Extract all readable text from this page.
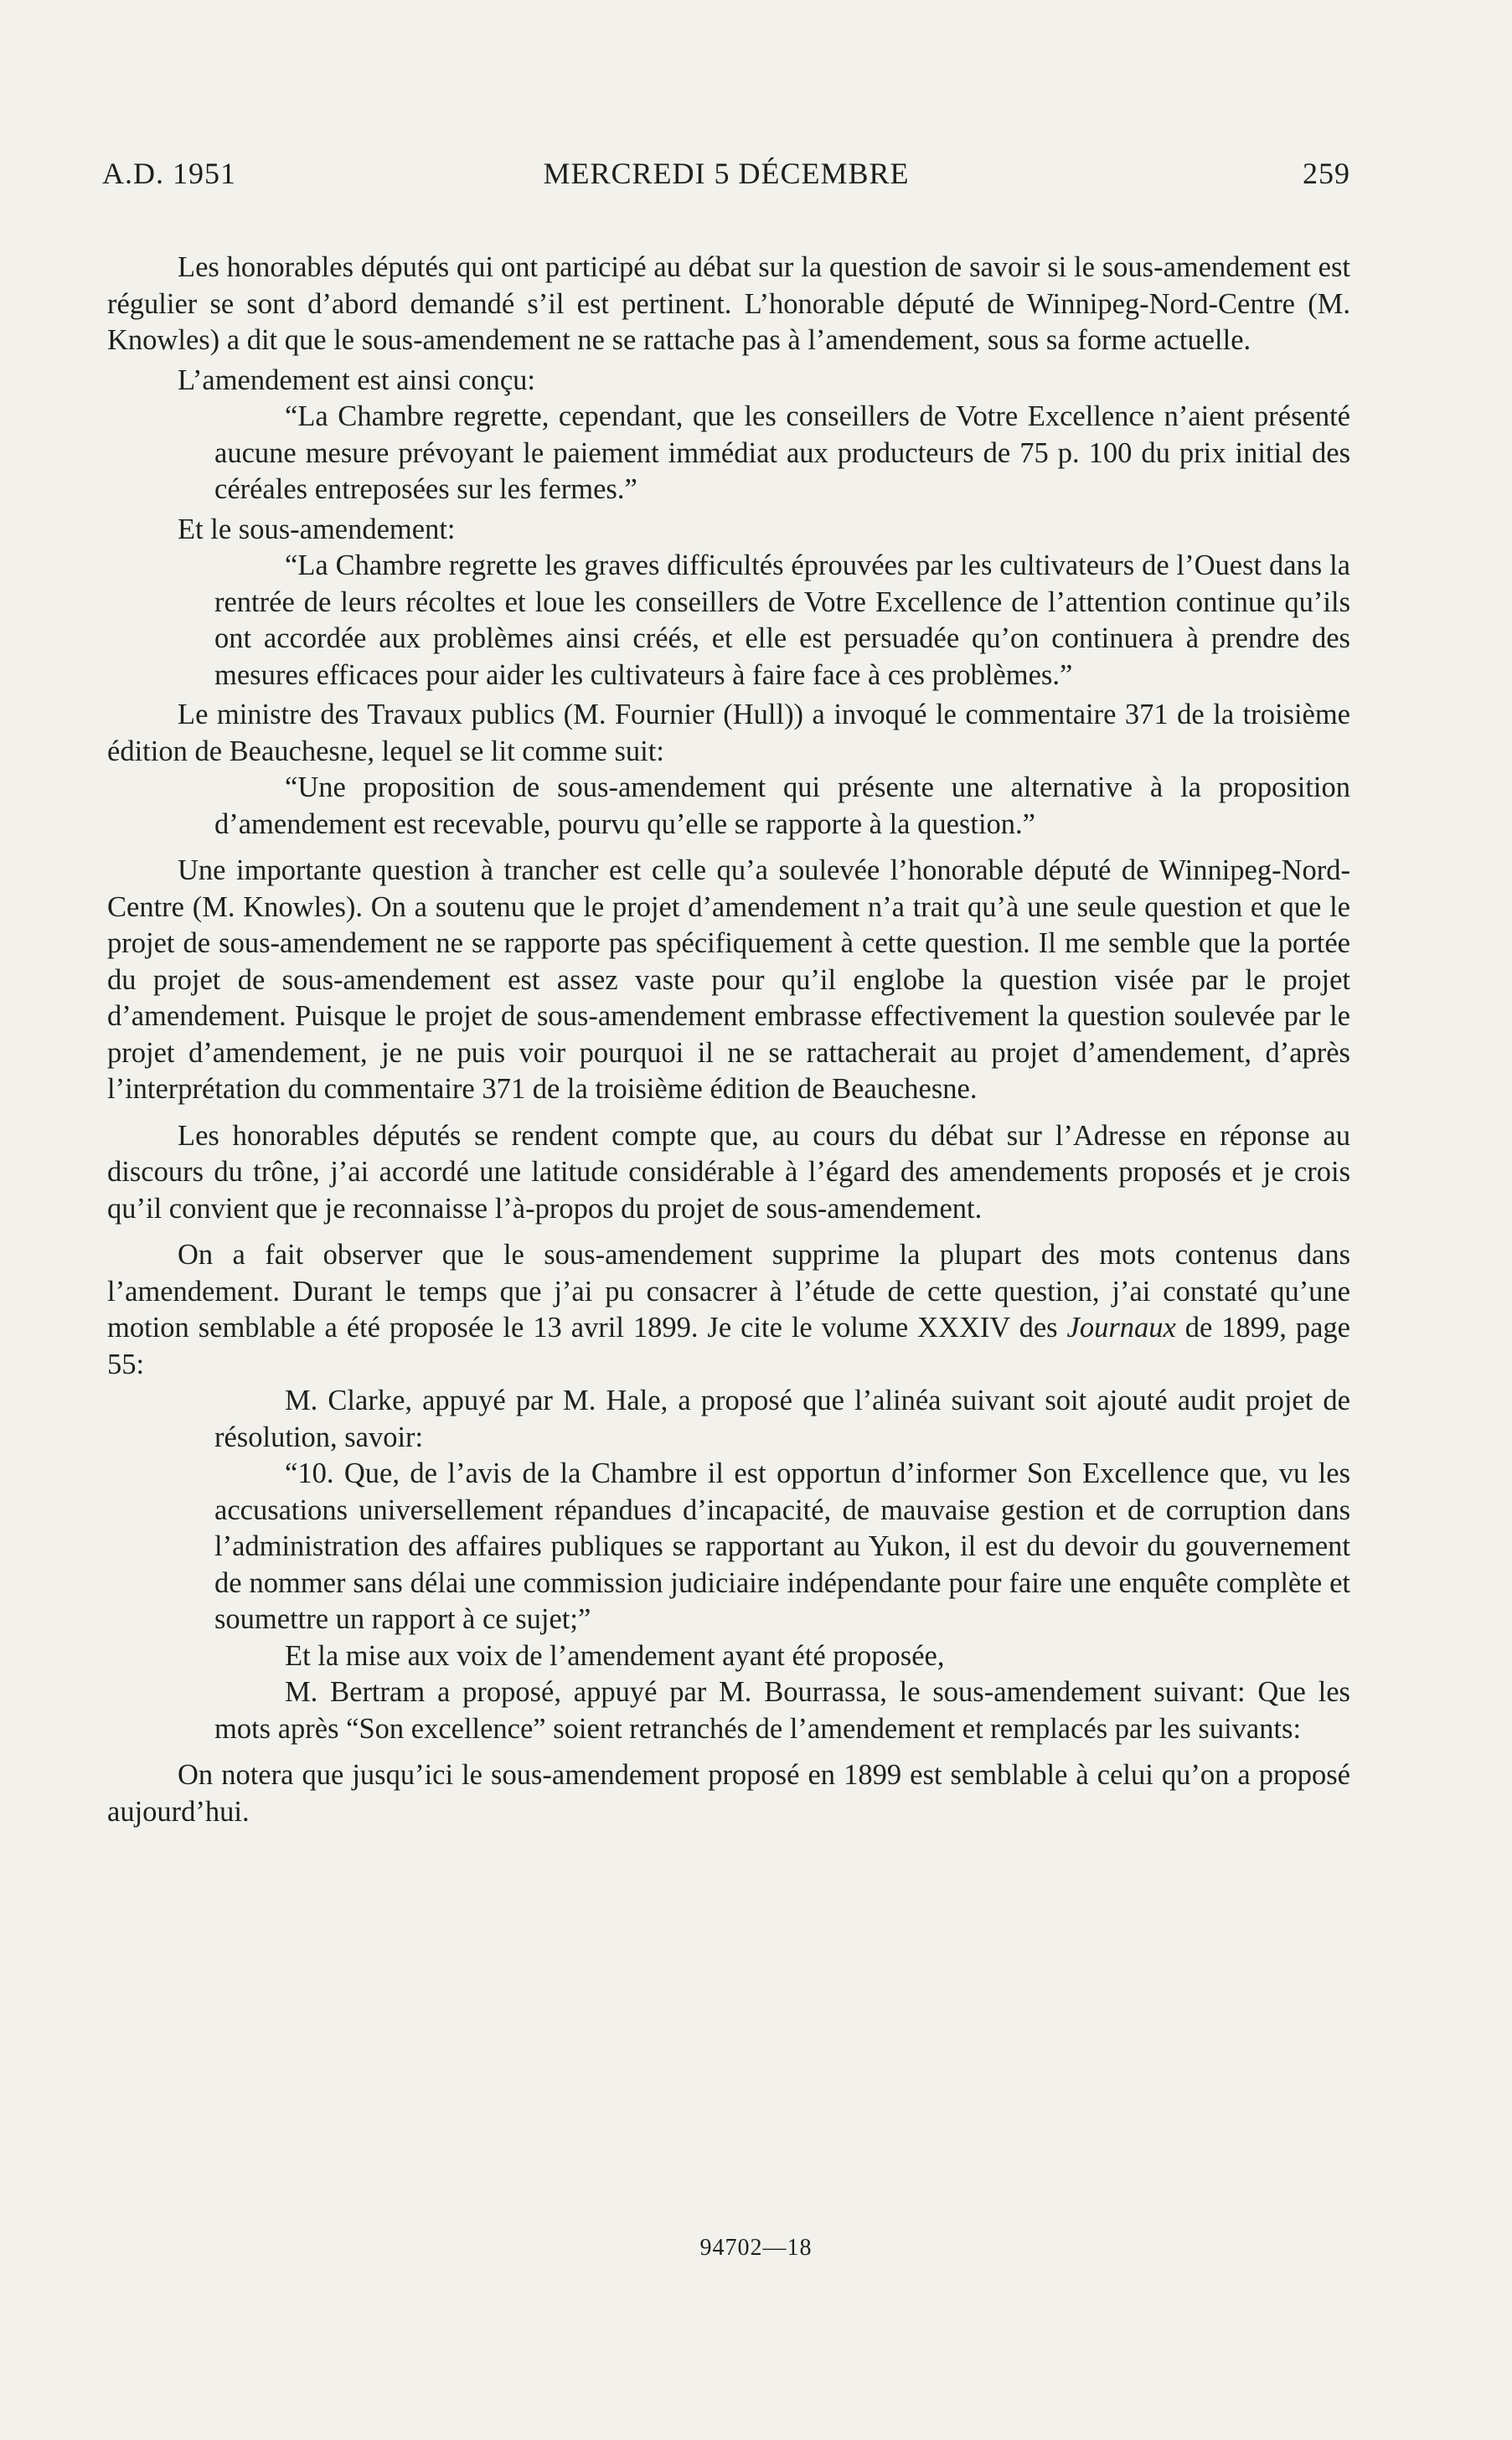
A.D. 1951	MERCREDI 5 DÉCEMBRE	259

Les honorables députés qui ont participé au débat sur la question de savoir si le sous-amendement est régulier se sont d’abord demandé s’il est pertinent. L’honorable député de Winnipeg-Nord-Centre (M. Knowles) a dit que le sous-amendement ne se rattache pas à l’amendement, sous sa forme actuelle.

L’amendement est ainsi conçu:

“La Chambre regrette, cependant, que les conseillers de Votre Excellence n’aient présenté aucune mesure prévoyant le paiement immédiat aux producteurs de 75 p. 100 du prix initial des céréales entreposées sur les fermes.”

Et le sous-amendement:

“La Chambre regrette les graves difficultés éprouvées par les cultivateurs de l’Ouest dans la rentrée de leurs récoltes et loue les conseillers de Votre Excellence de l’attention continue qu’ils ont accordée aux problèmes ainsi créés, et elle est persuadée qu’on continuera à prendre des mesures efficaces pour aider les cultivateurs à faire face à ces problèmes.”

Le ministre des Travaux publics (M. Fournier (Hull)) a invoqué le commentaire 371 de la troisième édition de Beauchesne, lequel se lit comme suit:

“Une proposition de sous-amendement qui présente une alternative à la proposition d’amendement est recevable, pourvu qu’elle se rapporte à la question.”

Une importante question à trancher est celle qu’a soulevée l’honorable député de Winnipeg-Nord-Centre (M. Knowles). On a soutenu que le projet d’amendement n’a trait qu’à une seule question et que le projet de sous-amendement ne se rapporte pas spécifiquement à cette question. Il me semble que la portée du projet de sous-amendement est assez vaste pour qu’il englobe la question visée par le projet d’amendement. Puisque le projet de sous-amendement embrasse effectivement la question soulevée par le projet d’amendement, je ne puis voir pourquoi il ne se rattacherait au projet d’amendement, d’après l’interprétation du commentaire 371 de la troisième édition de Beauchesne.

Les honorables députés se rendent compte que, au cours du débat sur l’Adresse en réponse au discours du trône, j’ai accordé une latitude considérable à l’égard des amendements proposés et je crois qu’il convient que je reconnaisse l’à-propos du projet de sous-amendement.

On a fait observer que le sous-amendement supprime la plupart des mots contenus dans l’amendement. Durant le temps que j’ai pu consacrer à l’étude de cette question, j’ai constaté qu’une motion semblable a été proposée le 13 avril 1899. Je cite le volume XXXIV des Journaux de 1899, page 55:

M. Clarke, appuyé par M. Hale, a proposé que l’alinéa suivant soit ajouté audit projet de résolution, savoir:

“10. Que, de l’avis de la Chambre il est opportun d’informer Son Excellence que, vu les accusations universellement répandues d’incapacité, de mauvaise gestion et de corruption dans l’administration des affaires publiques se rapportant au Yukon, il est du devoir du gouvernement de nommer sans délai une commission judiciaire indépendante pour faire une enquête complète et soumettre un rapport à ce sujet;”

Et la mise aux voix de l’amendement ayant été proposée,

M. Bertram a proposé, appuyé par M. Bourrassa, le sous-amendement suivant: Que les mots après “Son excellence” soient retranchés de l’amendement et remplacés par les suivants:

On notera que jusqu’ici le sous-amendement proposé en 1899 est semblable à celui qu’on a proposé aujourd’hui.

94702—18
